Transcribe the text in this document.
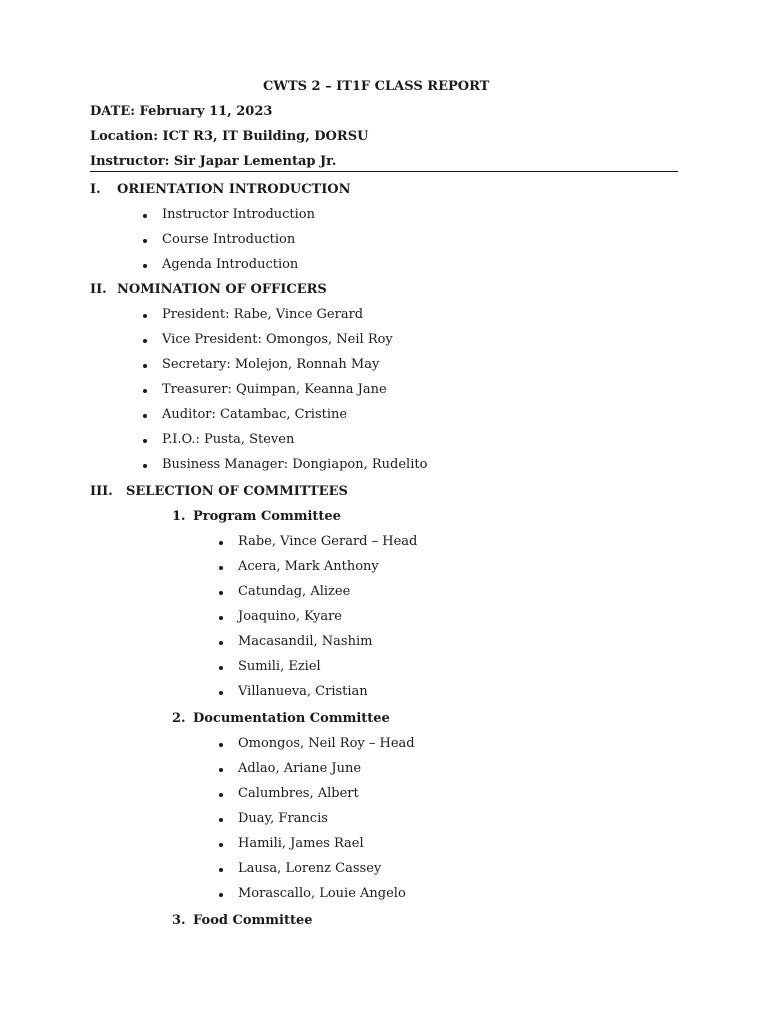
CWTS 2 – IT1F CLASS REPORT
DATE: February 11, 2023
Location: ICT R3, IT Building, DORSU
Instructor: Sir Japar Lementap Jr.
I. ORIENTATION INTRODUCTION
Instructor Introduction
Course Introduction
Agenda Introduction
II. NOMINATION OF OFFICERS
President: Rabe, Vince Gerard
Vice President: Omongos, Neil Roy
Secretary: Molejon, Ronnah May
Treasurer: Quimpan, Keanna Jane
Auditor: Catambac, Cristine
P.I.O.: Pusta, Steven
Business Manager: Dongiapon, Rudelito
III. SELECTION OF COMMITTEES
1. Program Committee
Rabe, Vince Gerard – Head
Acera, Mark Anthony
Catundag, Alizee
Joaquino, Kyare
Macasandil, Nashim
Sumili, Eziel
Villanueva, Cristian
2. Documentation Committee
Omongos, Neil Roy – Head
Adlao, Ariane June
Calumbres, Albert
Duay, Francis
Hamili, James Rael
Lausa, Lorenz Cassey
Morascallo, Louie Angelo
3. Food Committee
